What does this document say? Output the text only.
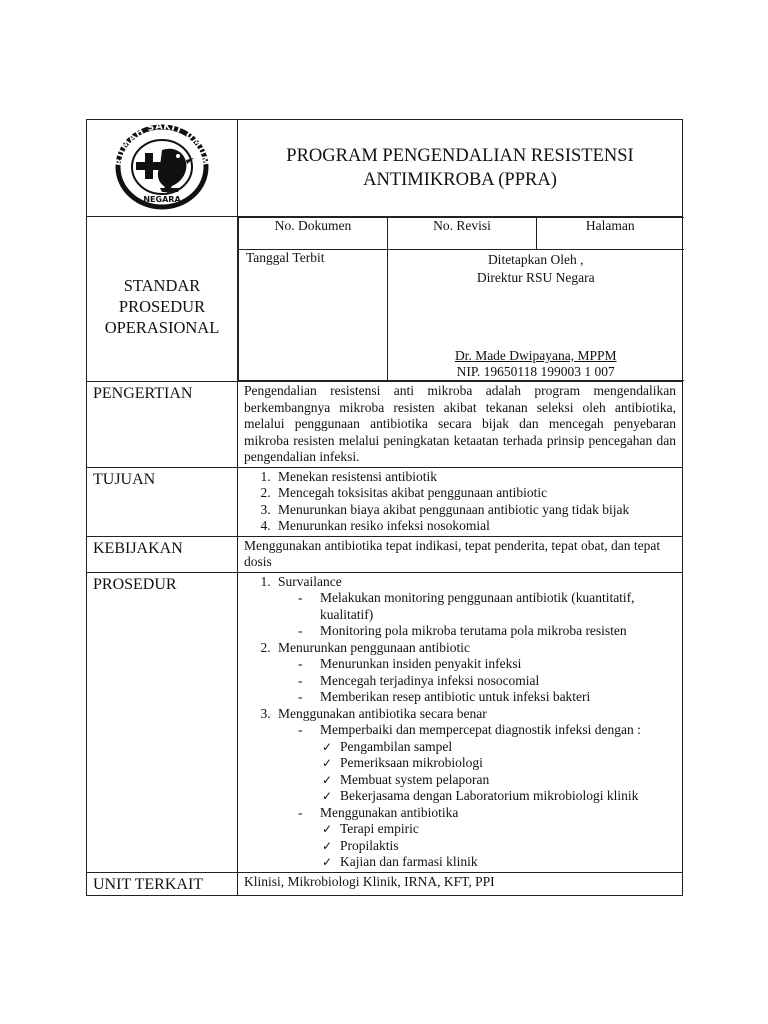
RUMAH SAKIT UMUM
NEGARA
	PROGRAM PENGENDALIAN RESISTENSI ANTIMIKROBA (PPRA)
STANDAR PROSEDUR OPERASIONAL	
No. Dokumen	No. Revisi	Halaman
Tanggal Terbit	Ditetapkan Oleh ,
Direktur RSU Negara
Dr. Made Dwipayana, MPPM
NIP. 19650118 199003 1 007

PENGERTIAN	Pengendalian resistensi anti mikroba adalah program mengendalikan berkembangnya mikroba resisten akibat tekanan seleksi oleh antibiotika, melalui penggunaan antibiotika secara bijak dan mencegah penyebaran mikroba resisten melalui peningkatan ketaatan terhada prinsip pencegahan dan pengendalian infeksi.
TUJUAN	
1.Menekan resistensi antibiotik
2. Mencegah toksisitas akibat penggunaan antibiotic
3. Menurunkan biaya akibat penggunaan antibiotic yang tidak bijak
4. Menurunkan resiko infeksi nosokomial

KEBIJAKAN	Menggunakan antibiotika tepat indikasi, tepat penderita, tepat obat, dan tepat dosis
PROSEDUR	
1.Survailance
- Melakukan monitoring penggunaan antibiotik (kuantitatif, kualitatif)
- Monitoring pola mikroba terutama pola mikroba resisten
2. Menurunkan penggunaan antibiotic
- Menurunkan insiden penyakit infeksi
- Mencegah terjadinya infeksi nosocomial
- Memberikan resep antibiotic untuk infeksi bakteri
3. Menggunakan antibiotika secara benar
- Memperbaiki dan mempercepat diagnostik infeksi dengan :
✓ Pengambilan sampel
✓ Pemeriksaan mikrobiologi
✓ Membuat system pelaporan
✓ Bekerjasama dengan Laboratorium mikrobiologi klinik
- Menggunakan antibiotika
✓ Terapi empiric
✓ Propilaktis
✓ Kajian dan farmasi klinik

UNIT TERKAIT	Klinisi, Mikrobiologi Klinik, IRNA, KFT, PPI
